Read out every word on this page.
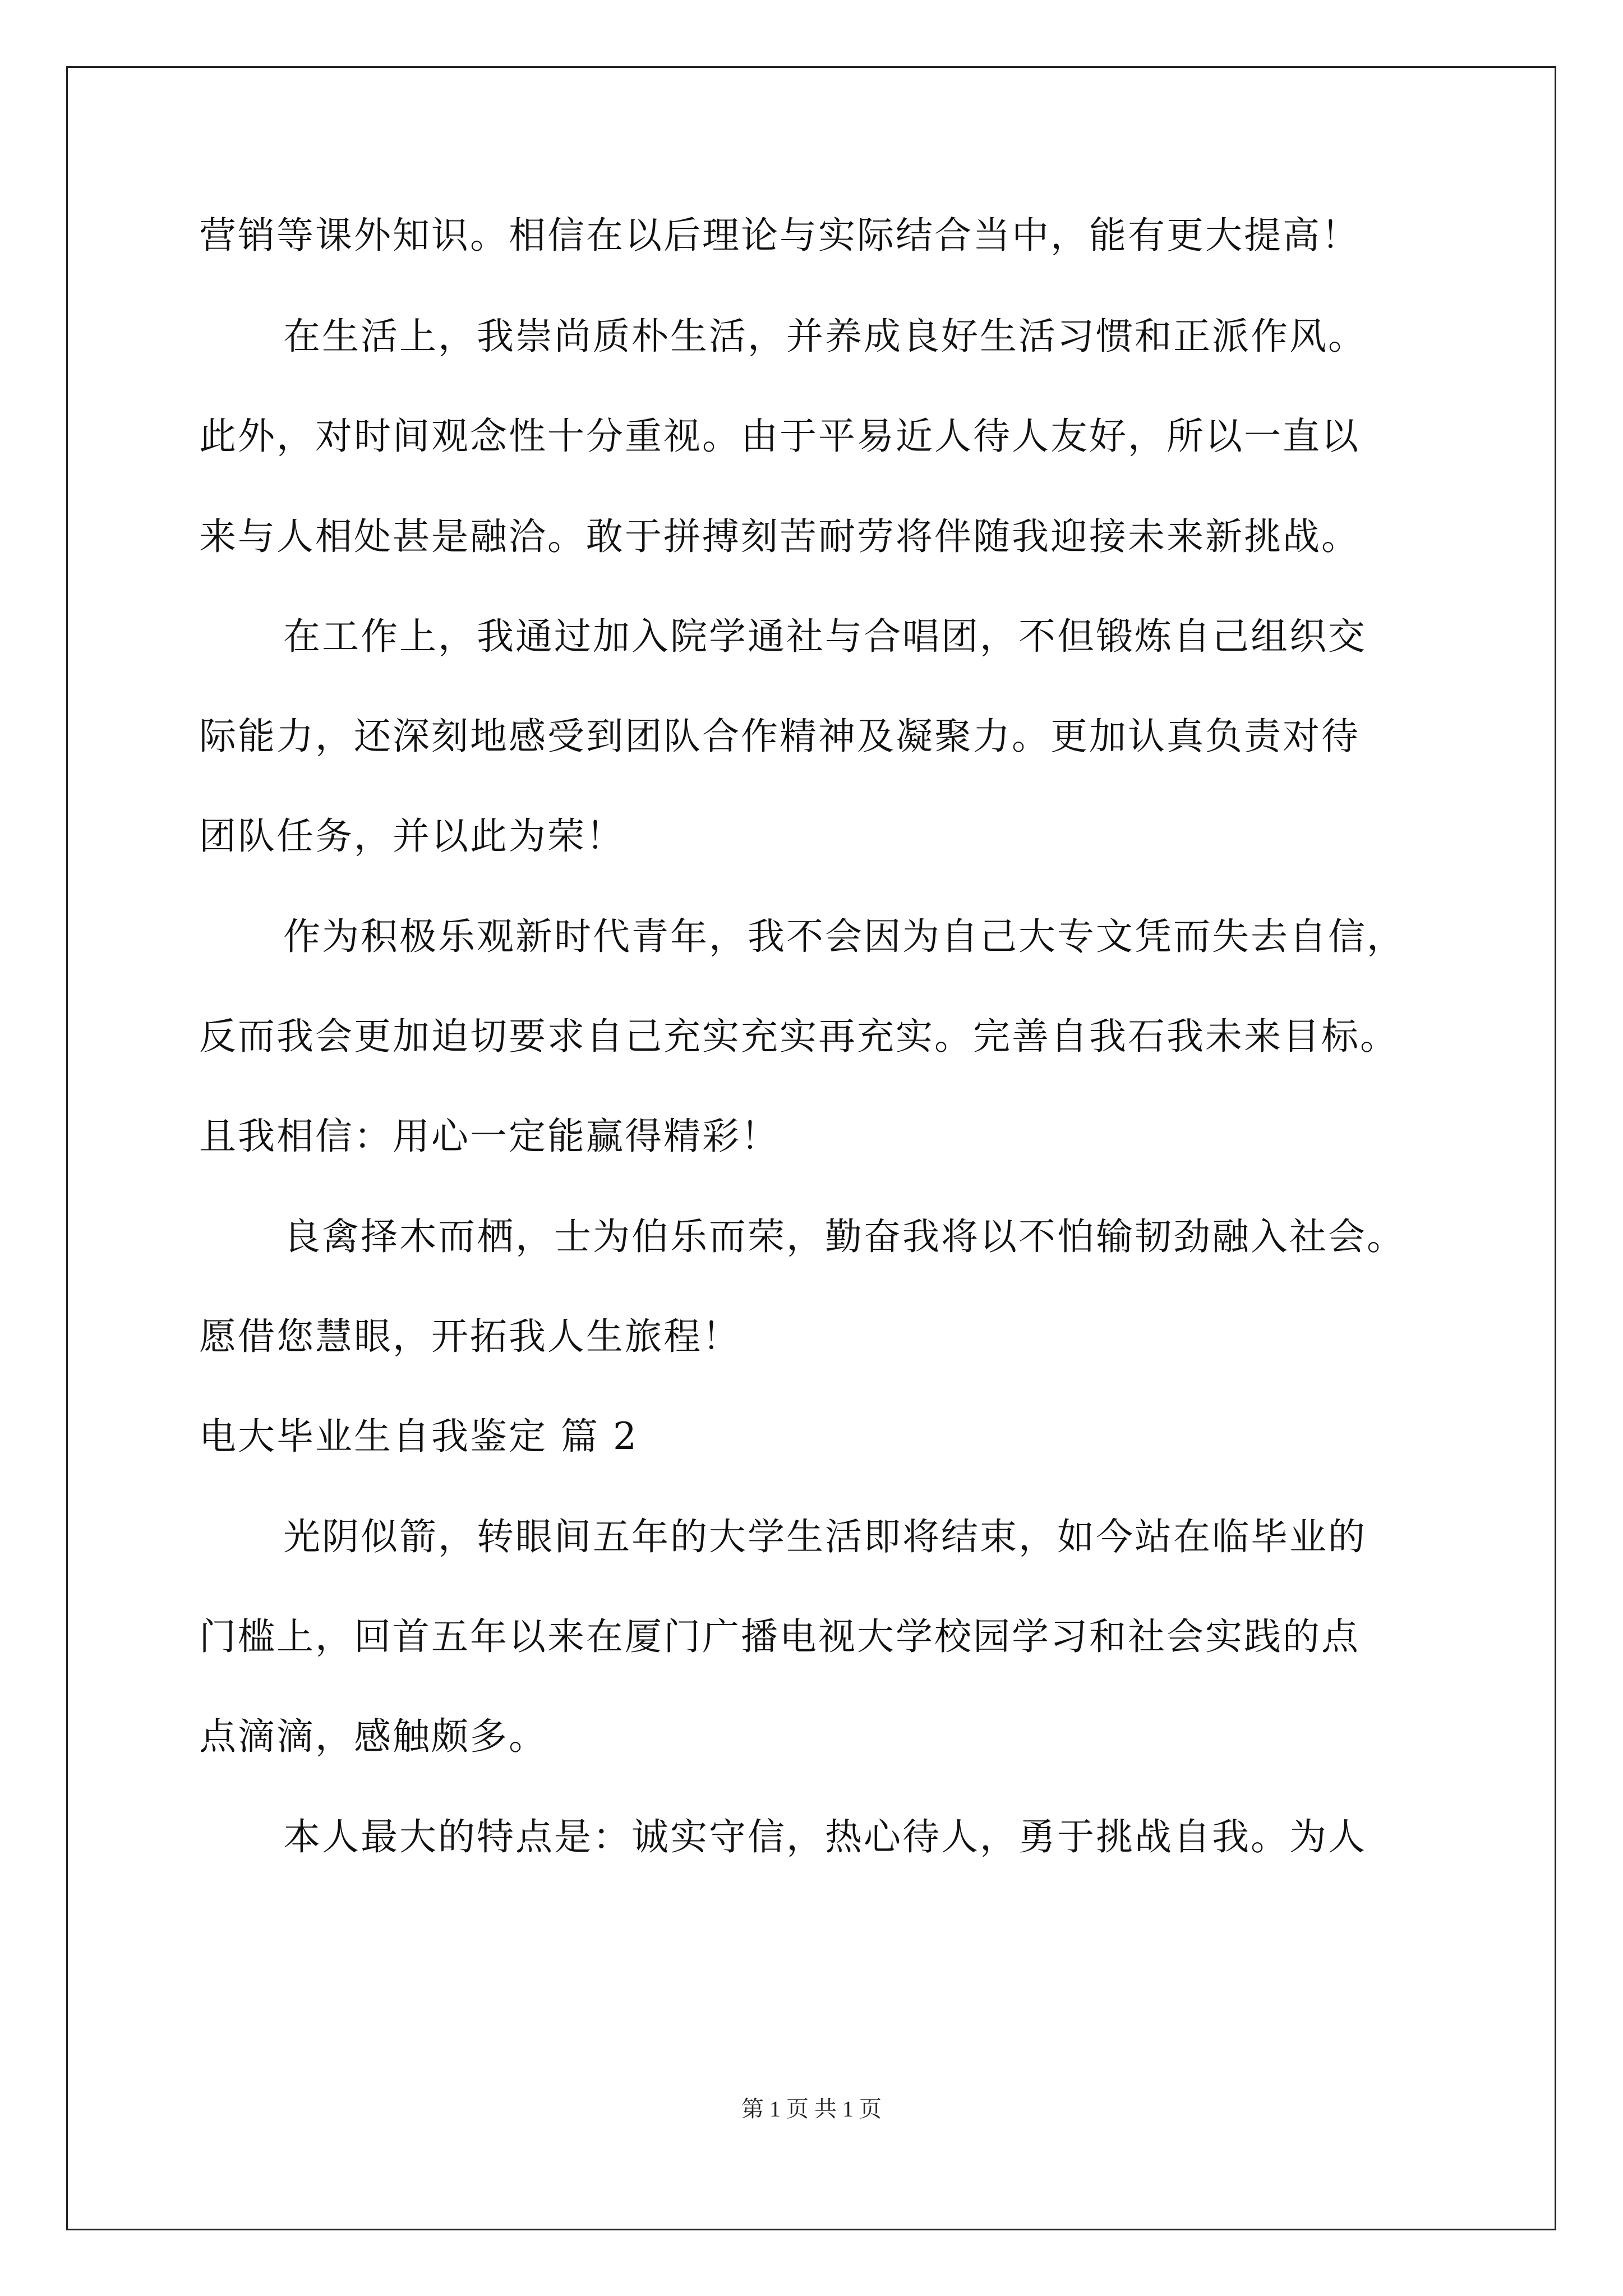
营销等课外知识。相信在以后理论与实际结合当中，能有更大提高！
在生活上，我崇尚质朴生活，并养成良好生活习惯和正派作风。
此外，对时间观念性十分重视。由于平易近人待人友好，所以一直以
来与人相处甚是融洽。敢于拼搏刻苦耐劳将伴随我迎接未来新挑战。
在工作上，我通过加入院学通社与合唱团，不但锻炼自己组织交
际能力，还深刻地感受到团队合作精神及凝聚力。更加认真负责对待
团队任务，并以此为荣！
作为积极乐观新时代青年，我不会因为自己大专文凭而失去自信，
反而我会更加迫切要求自己充实充实再充实。完善自我石我未来目标。
且我相信：用心一定能赢得精彩！
良禽择木而栖，士为伯乐而荣，勤奋我将以不怕输韧劲融入社会。
愿借您慧眼，开拓我人生旅程！
电大毕业生自我鉴定 篇 2
光阴似箭，转眼间五年的大学生活即将结束，如今站在临毕业的
门槛上，回首五年以来在厦门广播电视大学校园学习和社会实践的点
点滴滴，感触颇多。
本人最大的特点是：诚实守信，热心待人，勇于挑战自我。为人
第 1 页 共 1 页
